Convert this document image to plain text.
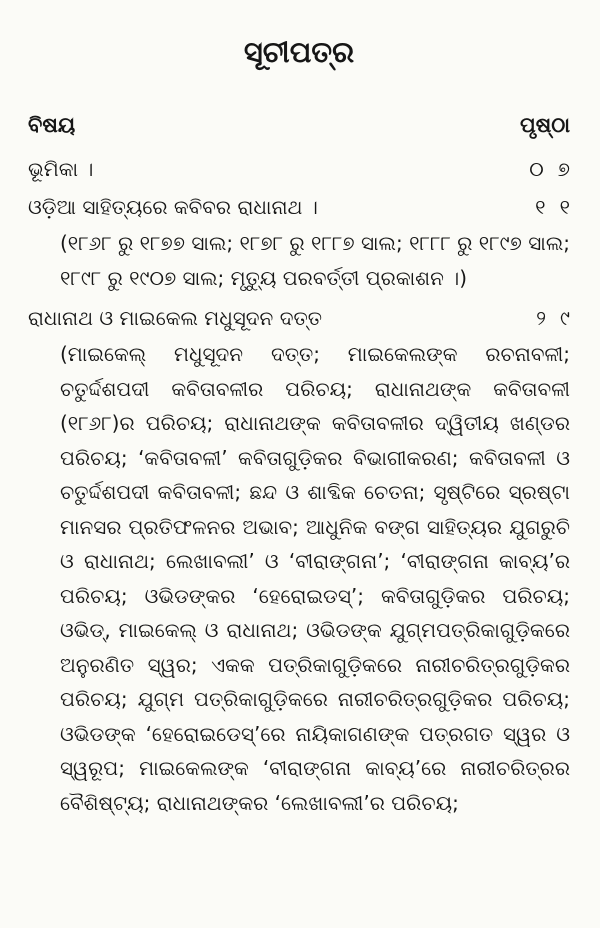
ସୂଚୀପତ୍ର
ବିଷୟ	ପୃଷ୍ଠା
ଭୂମିକା ।	୦୭
ଓଡ଼ିଆ ସାହିତ୍ୟରେ କବିବର ରାଧାନାଥ ।	୧୧
(୧୮୬୮ ରୁ ୧୮୭୭ ସାଲ; ୧୮୭୮ ରୁ ୧୮୮୭ ସାଲ; ୧୮୮୮ ରୁ ୧୮୯୭ ସାଲ; ୧୮୯୮ ରୁ ୧୯୦୭ ସାଲ; ମୃତ୍ୟୁ ପରବର୍ତ୍ତୀ ପ୍ରକାଶନ ।)
ରାଧାନାଥ ଓ ମାଇକେଲ ମଧୁସୂଦନ ଦତ୍ତ	୨୯
(ମାଇକେଲ୍ ମଧୁସୂଦନ ଦତ୍ତ; ମାଇକେଲଙ୍କ ରଚନାବଳୀ; ଚତୁର୍ଦ୍ଦଶପଦୀ କବିତାବଳୀର ପରିଚୟ; ରାଧାନାଥଙ୍କ କବିତାବଳୀ (୧୮୬୮)ର ପରିଚୟ; ରାଧାନାଥଙ୍କ କବିତାବଳୀର ଦ୍ୱିତୀୟ ଖଣ୍ଡର ପରିଚୟ; ‘କବିତାବଳୀ’ କବିତାଗୁଡ଼ିକର ବିଭାଗୀକରଣ; କବିତାବଳୀ ଓ ଚତୁର୍ଦ୍ଦଶପଦୀ କବିତାବଳୀ; ଛନ୍ଦ ଓ ଶାବ୍ଦିକ ଚେତନା; ସୃଷ୍ଟିରେ ସ୍ରଷ୍ଟା ମାନସର ପ୍ରତିଫଳନର ଅଭାବ; ଆଧୁନିକ ବଙ୍ଗ ସାହିତ୍ୟର ଯୁଗରୁଚି ଓ ରାଧାନାଥ; ଲେଖାବଲୀ’ ଓ ‘ବୀରାଙ୍ଗନା’; ‘ବୀରାଙ୍ଗନା କାବ୍ୟ’ର ପରିଚୟ; ଓଭିଡଙ୍କର ‘ହେରୋଇଡସ୍’; କବିତାଗୁଡ଼ିକର ପରିଚୟ; ଓଭିଡ୍, ମାଇକେଲ୍ ଓ ରାଧାନାଥ; ଓଭିଡଙ୍କ ଯୁଗ୍ମପତ୍ରିକାଗୁଡ଼ିକରେ ଅନୁରଣିତ ସ୍ୱର; ଏକକ ପତ୍ରିକାଗୁଡ଼ିକରେ ନାରୀଚରିତ୍ରଗୁଡ଼ିକର ପରିଚୟ; ଯୁଗ୍ମ ପତ୍ରିକାଗୁଡ଼ିକରେ ନାରୀଚରିତ୍ରଗୁଡ଼ିକର ପରିଚୟ; ଓଭିଡଙ୍କ ‘ହେରୋଇଡେସ୍’ରେ ନାୟିକାଗଣଙ୍କ ପତ୍ରଗତ ସ୍ୱର ଓ ସ୍ୱରୂପ; ମାଇକେଲଙ୍କ ‘ବୀରାଙ୍ଗନା କାବ୍ୟ’ରେ ନାରୀଚରିତ୍ରର ବୈଶିଷ୍ଟ୍ୟ; ରାଧାନାଥଙ୍କର ‘ଲେଖାବଲୀ’ର ପରିଚୟ;
